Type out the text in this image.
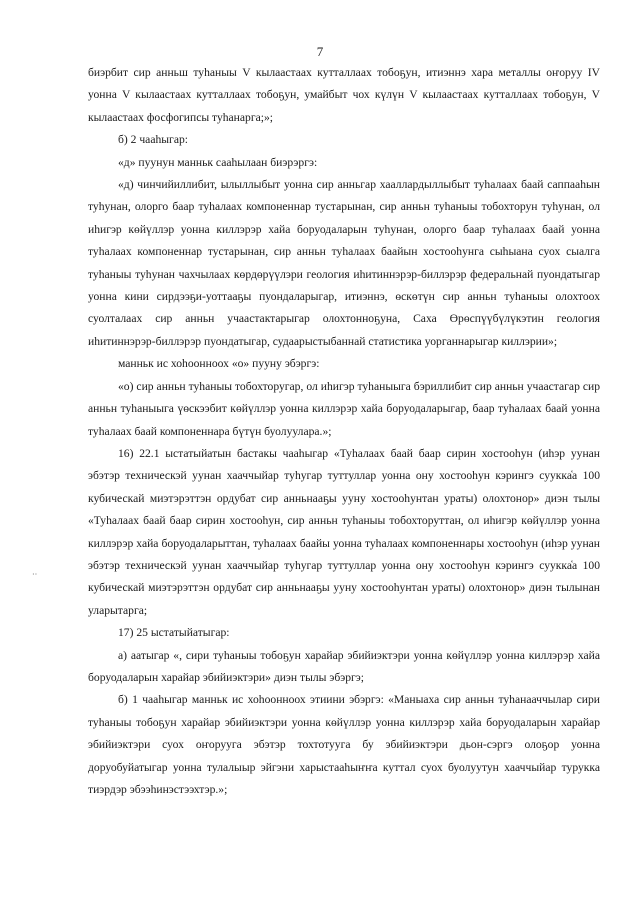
7
··

биэрбит сир анньш туһаныы V кылаастаах кутталлаах тобоҕун, итиэннэ хара металлы оҥоруу IV уонна V кылаастаах кутталлаах тобоҕун, умайбыт чох күлүн V кылаастаах кутталлаах тобоҕун, V кылаастаах фосфогипсы туһанарга;»;

б) 2 чааһыгар:

«д» пуунун манньк сааһылаан биэрэргэ:

«д) чинчийиллибит, ылыллыбыт уонна сир анньгар хааллардыллыбыт туһалаах баай саппааһын туһунан, олорго баар туһалаах компоненнар тустарынан, сир анньн туһаныы тобохторун туһунан, ол иһигэр көйүллэр уонна киллэрэр хайа боруодаларын туһунан, олорго баар туһалаах баай уонна туһалаах компоненнар тустарынан, сир анньн туһалаах баайын хостооһунга сыһыана суох сыалга туһаныы туһунан чахчылаах көрдөрүүлэри геология иһитиннэрэр-биллэрэр федеральнай пуондатыгар уонна кини сирдээҕи-уоттааҕы пуондаларыгар, итиэннэ, өскөтүн сир анньн туһаныы олохтоох суолталаах сир анньн учаастактарыгар олохтонноҕуна, Саха Өрөспүүбүлүкэтин геология иһитиннэрэр-биллэрэр пуондатыгар, судаарыстыбаннай статистика уорганнарыгар киллэрии»;

манньк ис хоһоонноох «о» пууну эбэргэ:

«о) сир анньн туһаныы тобохторугар, ол иһигэр туһаныыга бэриллибит сир анньн учаастагар сир анньн туһаныыга үөскээбит көйүллэр уонна киллэрэр хайа боруодаларыгар, баар туһалаах баай уонна туһалаах баай компоненнара бүтүн буолуулара.»;

16) 22.1 ыстатыйатын бастакы чааһыгар «Туһалаах баай баар сирин хостооһун (иһэр уунан эбэтэр техническэй уунан хааччыйар туһугар туттуллар уонна ону хостооһун кэрингэ суукка҅а 100 кубическай миэтэрэттэн ордубат сир анньнааҕы ууну хостооһунтан ураты) олохтонор» диэн тылы «Туһалаах баай баар сирин хостооһун, сир анньн туһаныы тобохторуттан, ол иһигэр көйүллэр уонна киллэрэр хайа боруодаларыттан, туһалаах баайы уонна туһалаах компоненнары хостооһун (иһэр уунан эбэтэр техническэй уунан хааччыйар туһугар туттуллар уонна ону хостооһун кэрингэ суукка҅а 100 кубическай миэтэрэттэн ордубат сир анньнааҕы ууну хостооһунтан ураты) олохтонор» диэн тылынан уларытарга;

17) 25 ыстатыйатыгар:

а) аатыгар «, сири туһаныы тобоҕун харайар эбийиэктэри уонна көйүллэр уонна киллэрэр хайа боруодаларын харайар эбийиэктэри» диэн тылы эбэргэ;

б) 1 чааһыгар манньк ис хоһоонноох этиини эбэргэ: «Маныаха сир анньн туһанааччылар сири туһаныы тобоҕун харайар эбийиэктэри уонна көйүллэр уонна киллэрэр хайа боруодаларын харайар эбийиэктэри суох оҥорууга эбэтэр тохтотууга бу эбийиэктэри дьон-сэргэ олоҕор уонна доруобуйатыгар уонна тулалыыр эйгэни харыстааһыҥҥа куттал суох буолуутун хааччыйар турукка тиэрдэр эбээһинэстээхтэр.»;
